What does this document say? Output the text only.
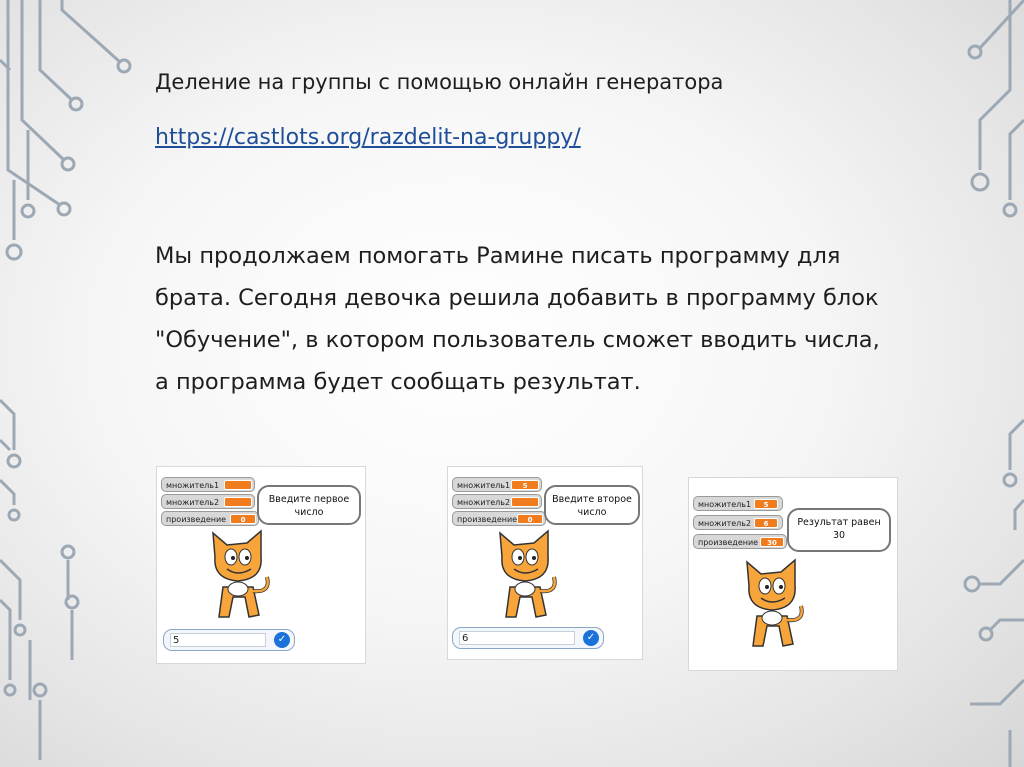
Деление на группы с помощью онлайн генератора
https://castlots.org/razdelit-na-gruppy/

Мы продолжаем помогать Рамине писать программу для брата. Сегодня девочка решила добавить в программу блок "Обучение", в котором пользователь сможет вводить числа, а программа будет сообщать результат.

множитель1
множитель2
произведение	0
Введите первое
число
5	✓
множитель1	5
множитель2
произведение	0
Введите второе
число
6	✓
множитель1	5
множитель2	6
произведение	30
Результат равен
30
